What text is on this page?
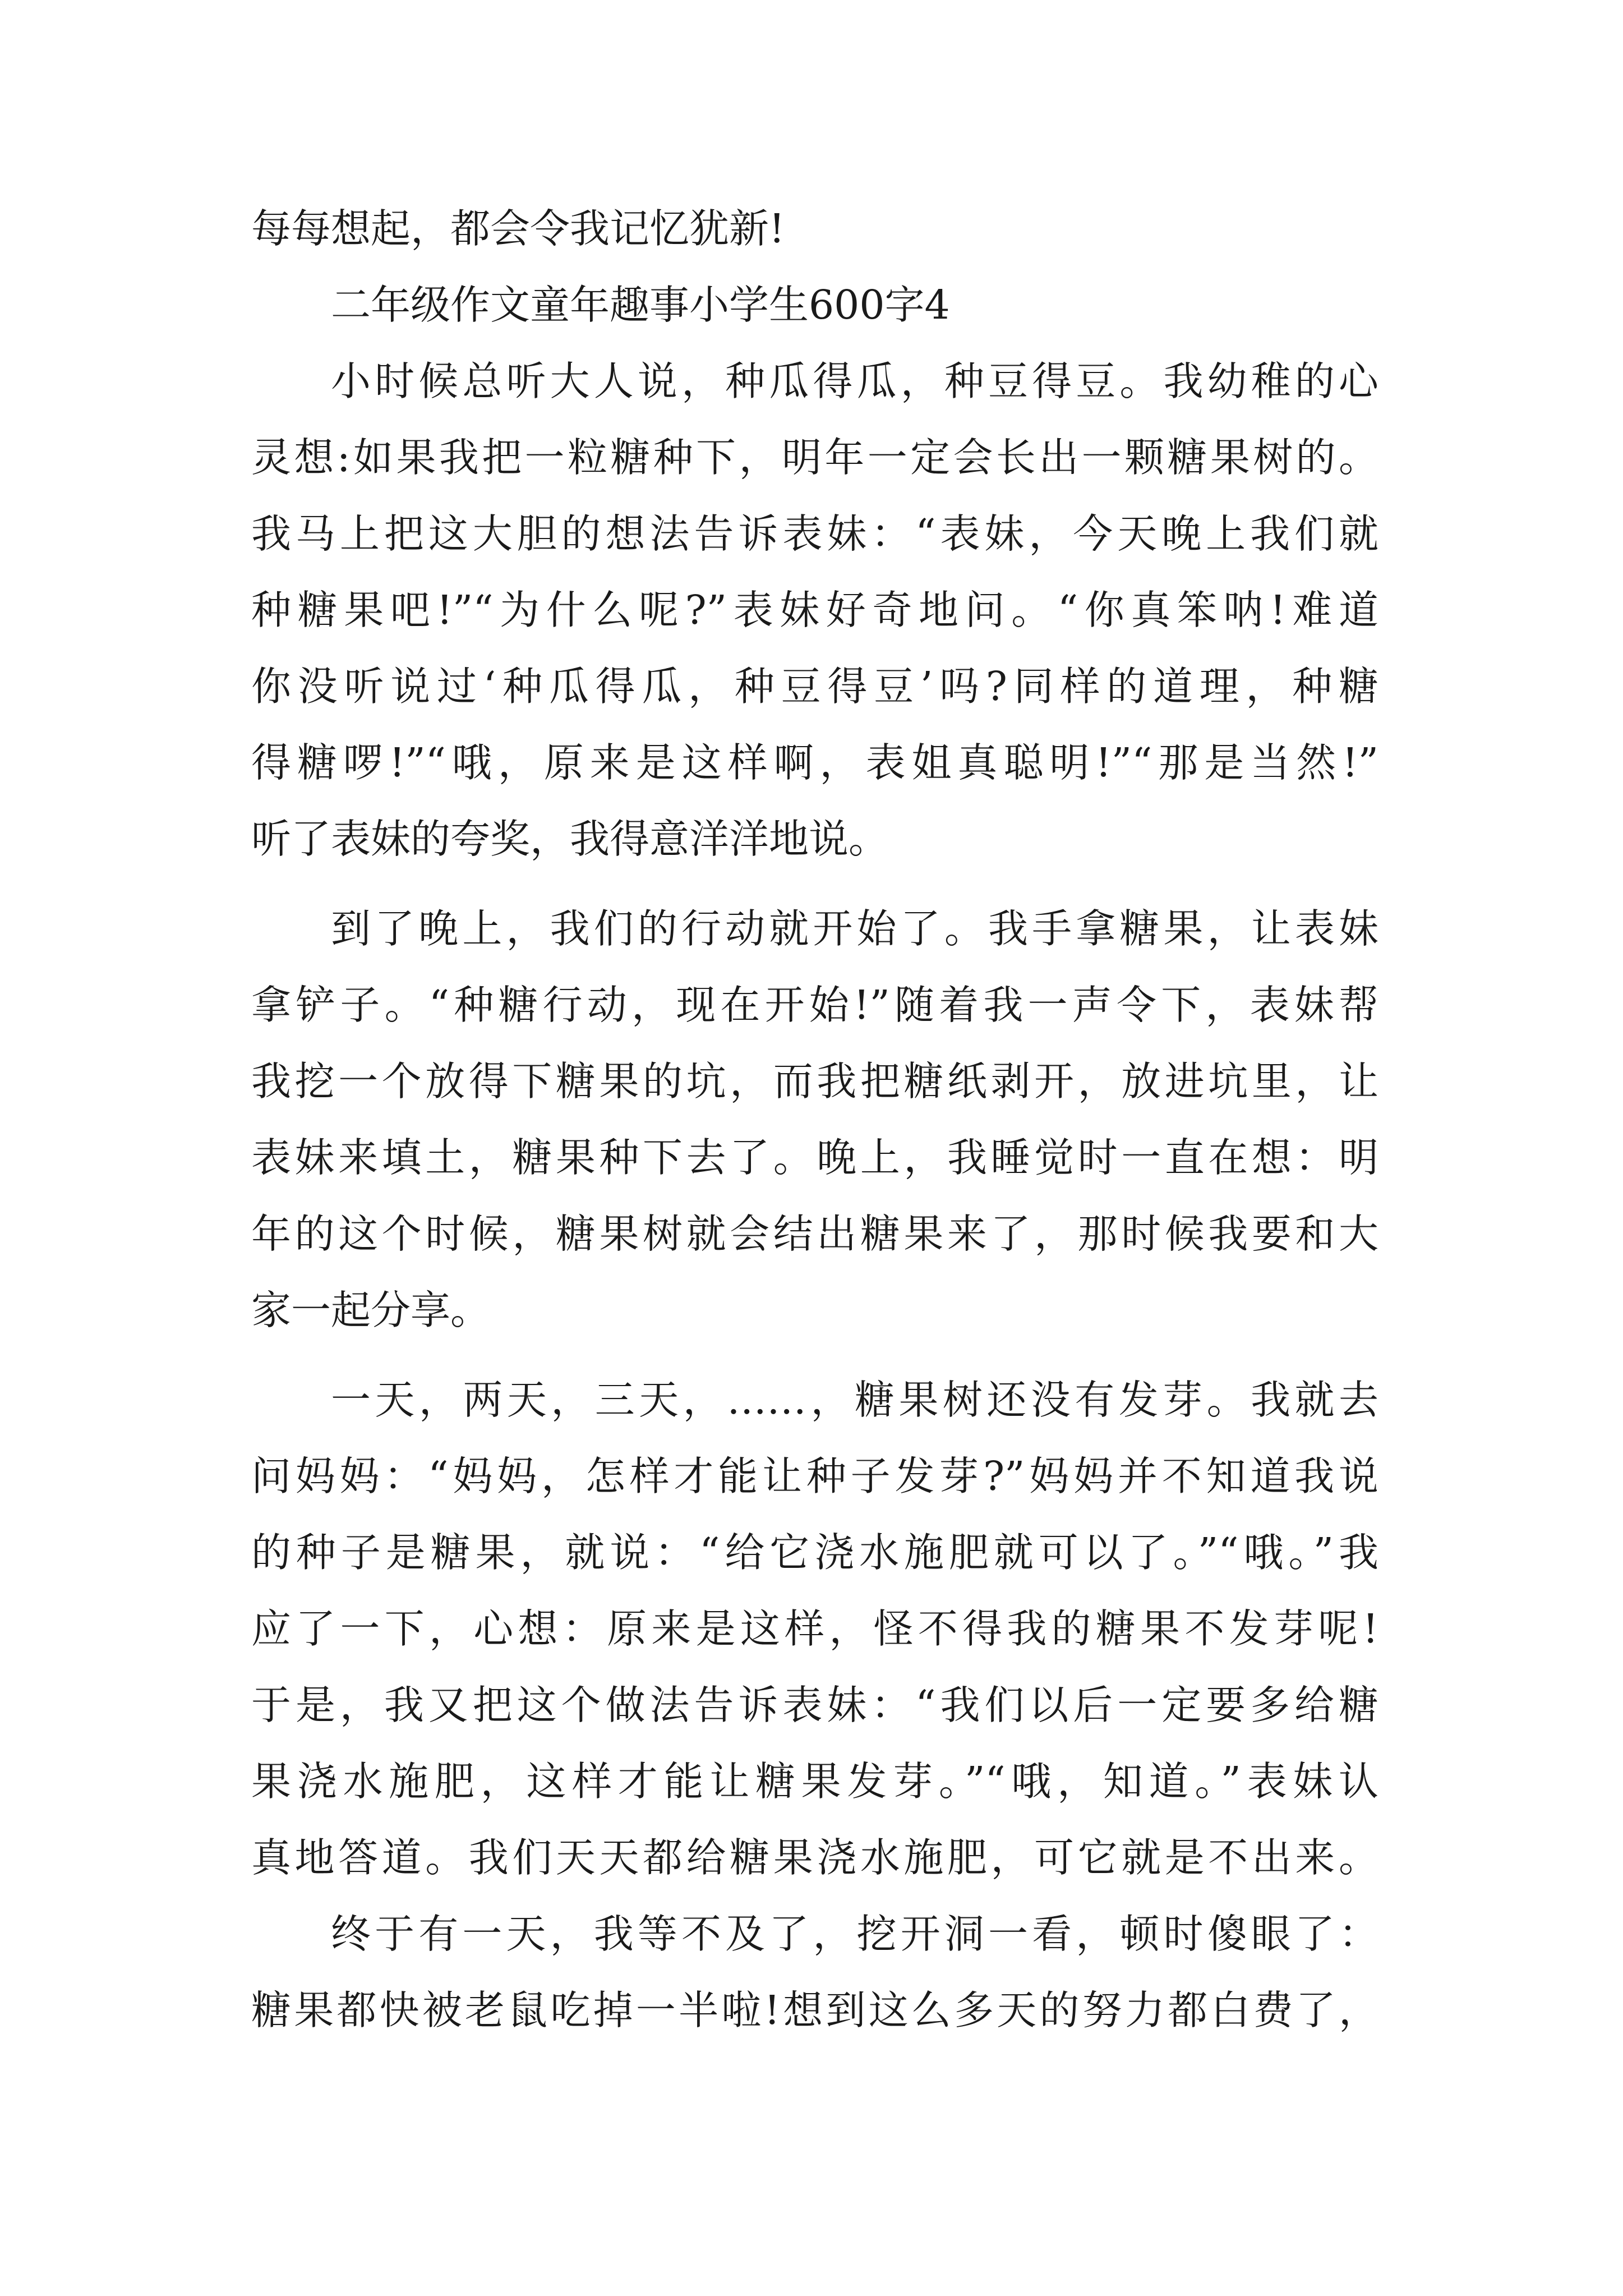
每每想起，都会令我记忆犹新!
二年级作文童年趣事小学生600字4
小时候总听大人说，种瓜得瓜，种豆得豆。我幼稚的心
灵想:如果我把一粒糖种下，明年一定会长出一颗糖果树的。
我马上把这大胆的想法告诉表妹：“表妹，今天晚上我们就
种糖果吧!”“为什么呢?”表妹好奇地问。“你真笨呐!难道
你没听说过‘种瓜得瓜，种豆得豆’吗?同样的道理，种糖
得糖啰!”“哦，原来是这样啊，表姐真聪明!”“那是当然!”
听了表妹的夸奖，我得意洋洋地说。
到了晚上，我们的行动就开始了。我手拿糖果，让表妹
拿铲子。“种糖行动，现在开始!”随着我一声令下，表妹帮
我挖一个放得下糖果的坑，而我把糖纸剥开，放进坑里，让
表妹来填土，糖果种下去了。晚上，我睡觉时一直在想：明
年的这个时候，糖果树就会结出糖果来了，那时候我要和大
家一起分享。
一天，两天，三天，……，糖果树还没有发芽。我就去
问妈妈：“妈妈，怎样才能让种子发芽?”妈妈并不知道我说
的种子是糖果，就说：“给它浇水施肥就可以了。”“哦。”我
应了一下，心想：原来是这样，怪不得我的糖果不发芽呢!
于是，我又把这个做法告诉表妹：“我们以后一定要多给糖
果浇水施肥，这样才能让糖果发芽。”“哦，知道。”表妹认
真地答道。我们天天都给糖果浇水施肥，可它就是不出来。
终于有一天，我等不及了，挖开洞一看，顿时傻眼了：
糖果都快被老鼠吃掉一半啦!想到这么多天的努力都白费了，
